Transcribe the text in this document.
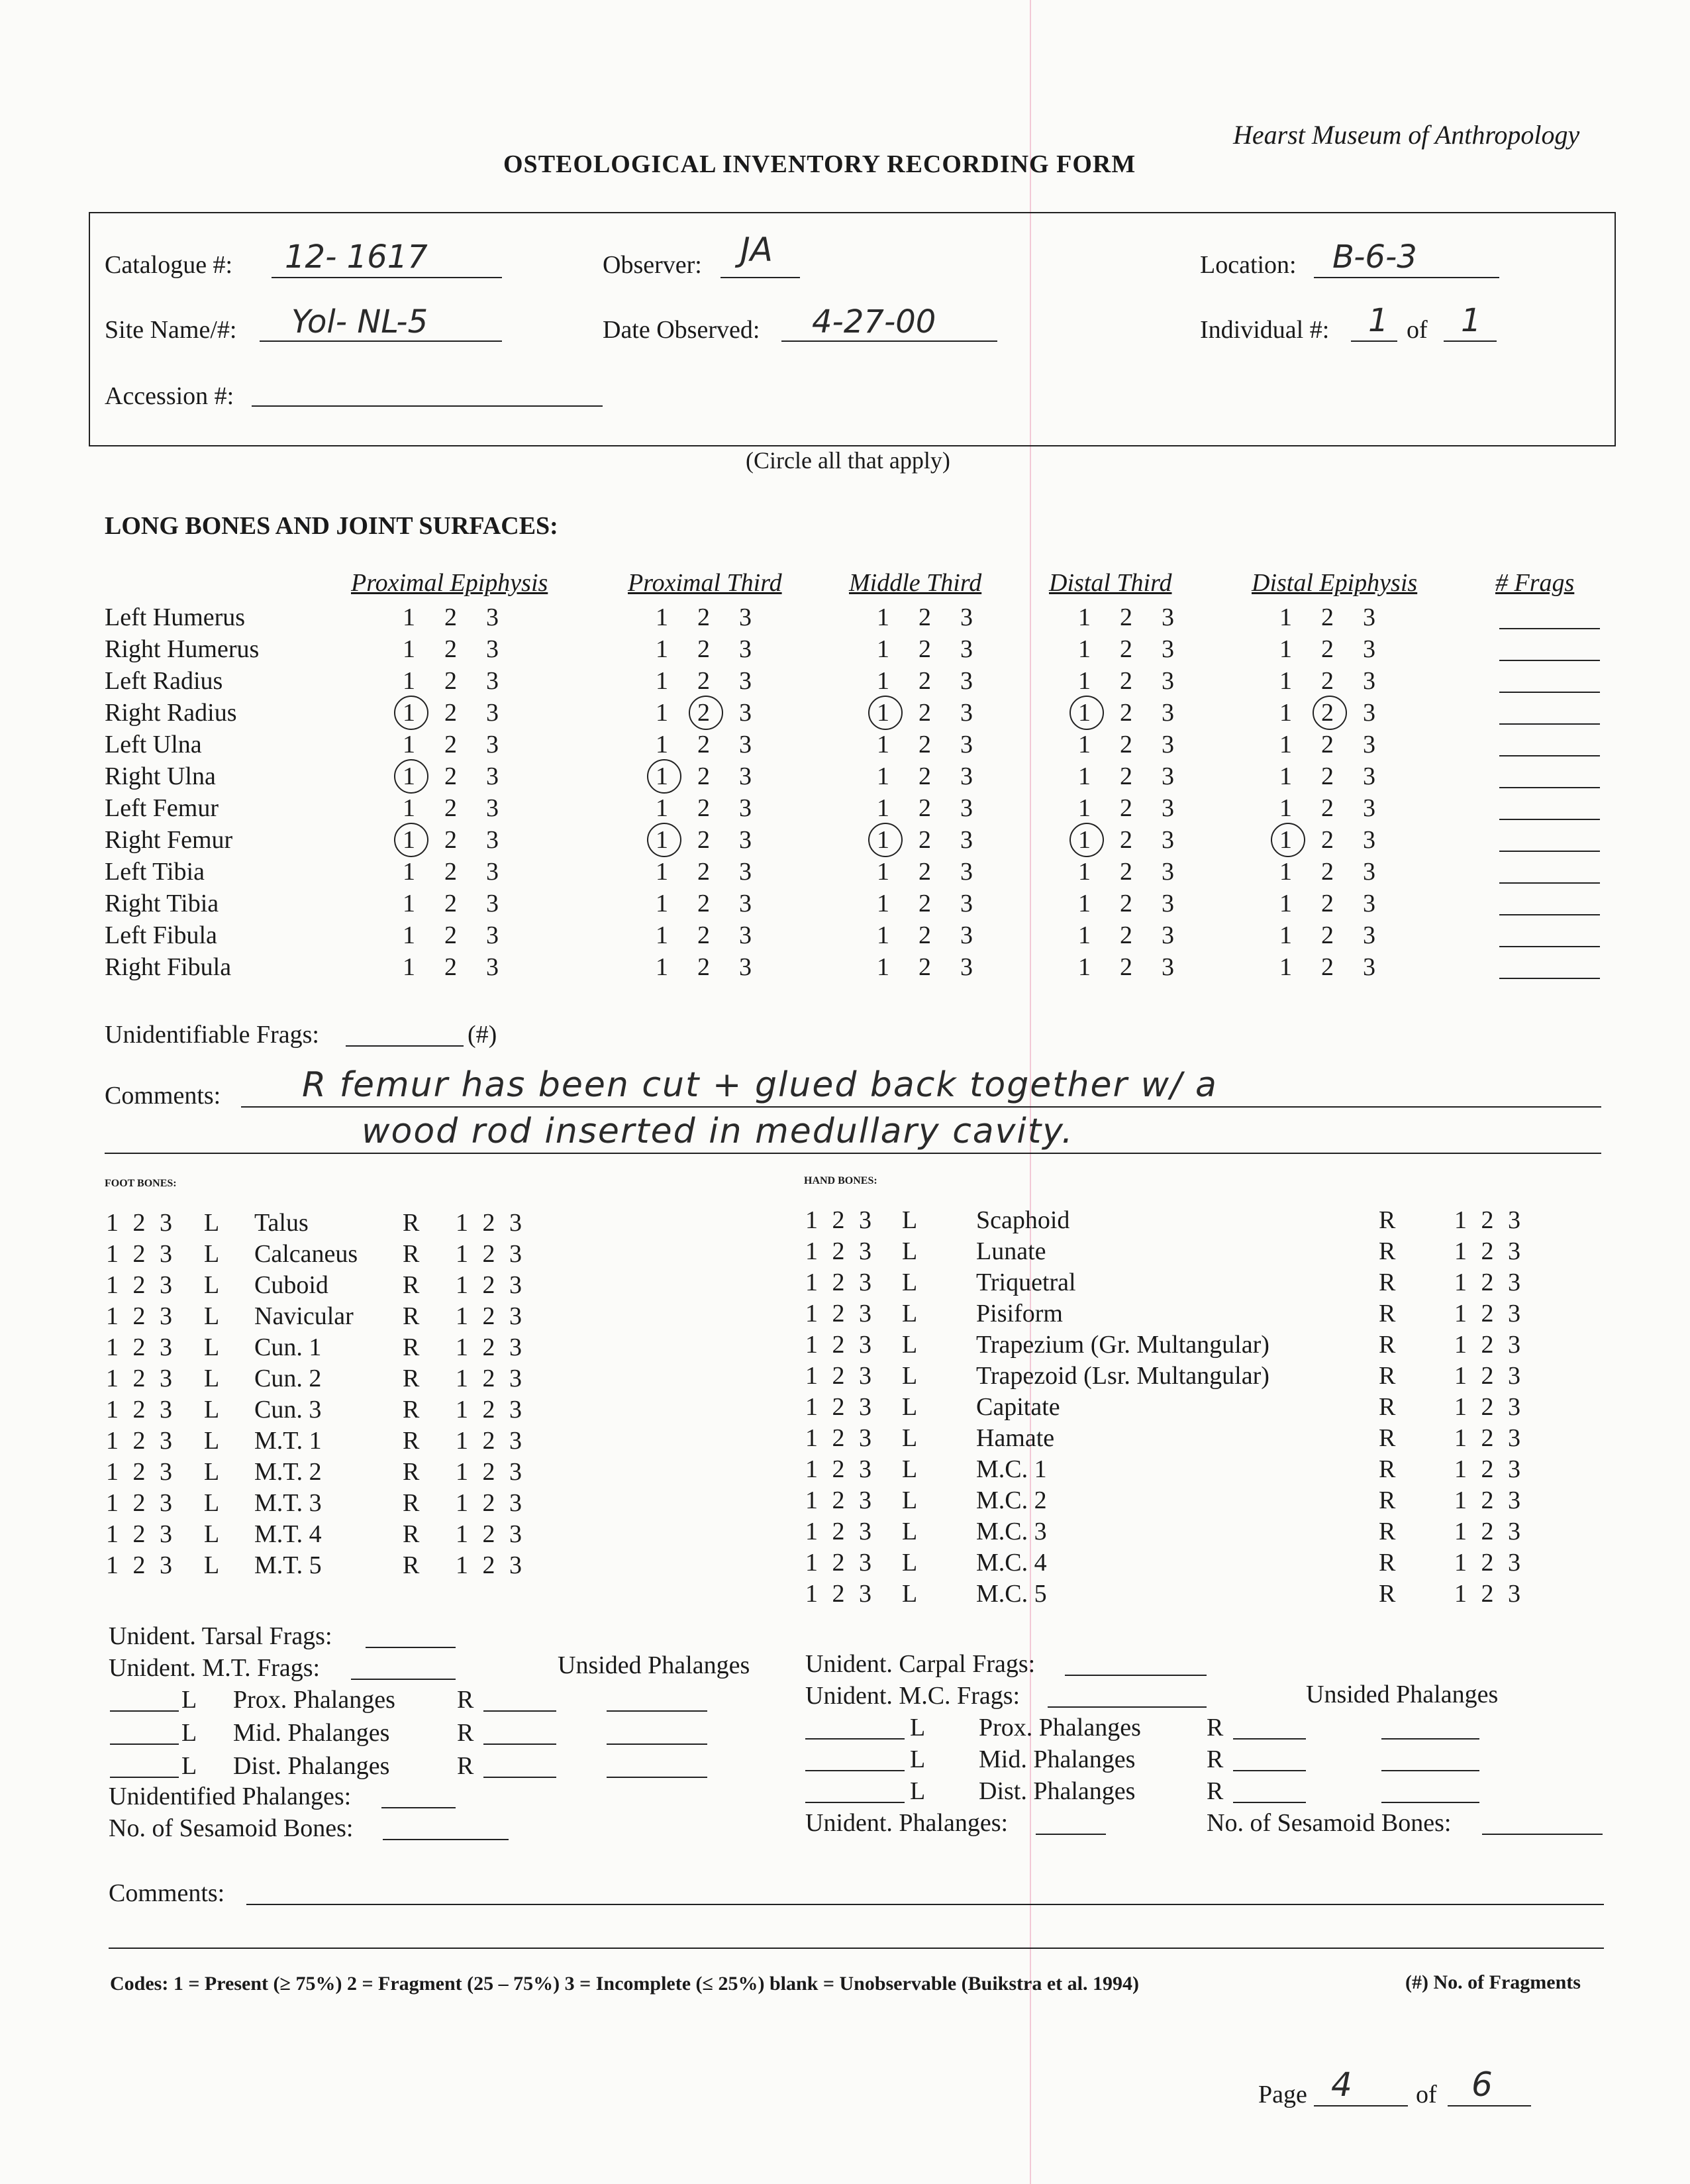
Hearst Museum of Anthropology
OSTEOLOGICAL INVENTORY RECORDING FORM
Catalogue #: 12- 1617	Observer: JA	Location: B-6-3
Site Name/#: Yol- NL-5	Date Observed: 4-27-00	Individual #: 1 of 1
Accession #:
(Circle all that apply)
LONG BONES AND JOINT SURFACES:
Proximal Epiphysis	Proximal Third	Middle Third	Distal Third	Distal Epiphysis	# Frags
Left Humerus	1 2 3	1 2 3	1 2 3	1 2 3	1 2 3
Right Humerus	1 2 3	1 2 3	1 2 3	1 2 3	1 2 3
Left Radius	1 2 3	1 2 3	1 2 3	1 2 3	1 2 3
Right Radius	1 2 3	1 2 3	1 2 3	1 2 3	1 2 3
Left Ulna	1 2 3	1 2 3	1 2 3	1 2 3	1 2 3
Right Ulna	1 2 3	1 2 3	1 2 3	1 2 3	1 2 3
Left Femur	1 2 3	1 2 3	1 2 3	1 2 3	1 2 3
Right Femur	1 2 3	1 2 3	1 2 3	1 2 3	1 2 3
Left Tibia	1 2 3	1 2 3	1 2 3	1 2 3	1 2 3
Right Tibia	1 2 3	1 2 3	1 2 3	1 2 3	1 2 3
Left Fibula	1 2 3	1 2 3	1 2 3	1 2 3	1 2 3
Right Fibula	1 2 3	1 2 3	1 2 3	1 2 3	1 2 3
Unidentifiable Frags:	(#)
Comments: R femur has been cut + glued back together w/ a
wood rod inserted in medullary cavity.
FOOT BONES:	HAND BONES:
1 2 3 L Talus	R 1 2 3
1 2 3 L Calcaneus R 1 2 3
1 2 3 L Cuboid	R 1 2 3
1 2 3 L Navicular R 1 2 3
1 2 3 L Cun. 1	R 1 2 3
1 2 3 L Cun. 2	R 1 2 3
1 2 3 L Cun. 3	R 1 2 3
1 2 3 L M.T. 1	R 1 2 3
1 2 3 L M.T. 2	R 1 2 3
1 2 3 L M.T. 3	R 1 2 3
1 2 3 L M.T. 4	R 1 2 3
1 2 3 L M.T. 5	R 1 2 3
1 2 3 L Scaphoid	R 1 2 3
1 2 3 L Lunate	R 1 2 3
1 2 3 L Triquetral	R 1 2 3
1 2 3 L Pisiform	R 1 2 3
1 2 3 L Trapezium (Gr. Multangular)	R 1 2 3
1 2 3 L Trapezoid (Lsr. Multangular)	R 1 2 3
1 2 3 L Capitate	R 1 2 3
1 2 3 L Hamate	R 1 2 3
1 2 3 L M.C. 1	R 1 2 3
1 2 3 L M.C. 2	R 1 2 3
1 2 3 L M.C. 3	R 1 2 3
1 2 3 L M.C. 4	R 1 2 3
1 2 3 L M.C. 5	R 1 2 3
Unident. Tarsal Frags:
Unident. M.T. Frags:	Unsided Phalanges
L Prox. Phalanges R
L Mid. Phalanges	R
L Dist. Phalanges	R
Unidentified Phalanges:
No. of Sesamoid Bones:
Unident. Carpal Frags:
Unident. M.C. Frags:	Unsided Phalanges
L Prox. Phalanges	R
L Mid. Phalanges	R
L Dist. Phalanges	R
Unident. Phalanges:	No. of Sesamoid Bones:
Comments:
Codes: 1 = Present (≥ 75%) 2 = Fragment (25 – 75%) 3 = Incomplete (≤ 25%) blank = Unobservable (Buikstra et al. 1994)	(#) No. of Fragments
Page 4	of 6
